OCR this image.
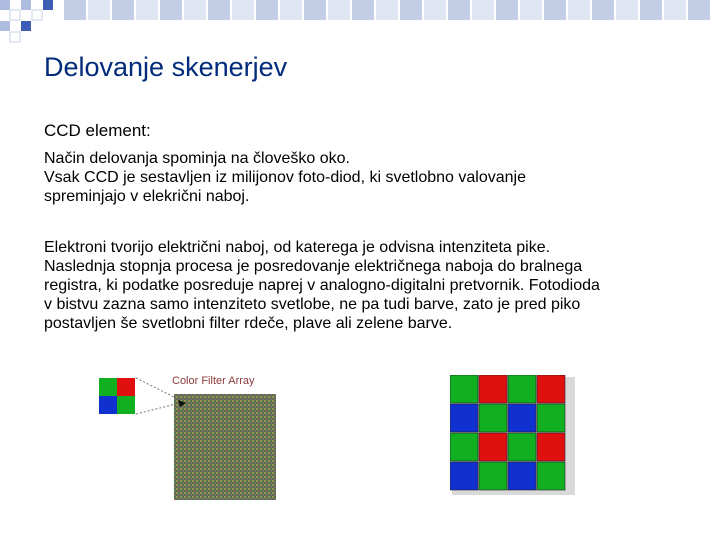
Delovanje skenerjev
CCD element:

Način delovanja spominja na človeško oko.
Vsak CCD je sestavljen iz milijonov foto-diod, ki svetlobno valovanje
spreminjajo v elekrični naboj.

Elektroni tvorijo električni naboj, od katerega je odvisna intenziteta pike.
Naslednja stopnja procesa je posredovanje električnega naboja do bralnega
registra, ki podatke posreduje naprej v analogno-digitalni pretvornik. Fotodioda
v bistvu zazna samo intenziteto svetlobe, ne pa tudi barve, zato je pred piko
postavljen še svetlobni filter rdeče, plave ali zelene barve.

Color Filter Array
